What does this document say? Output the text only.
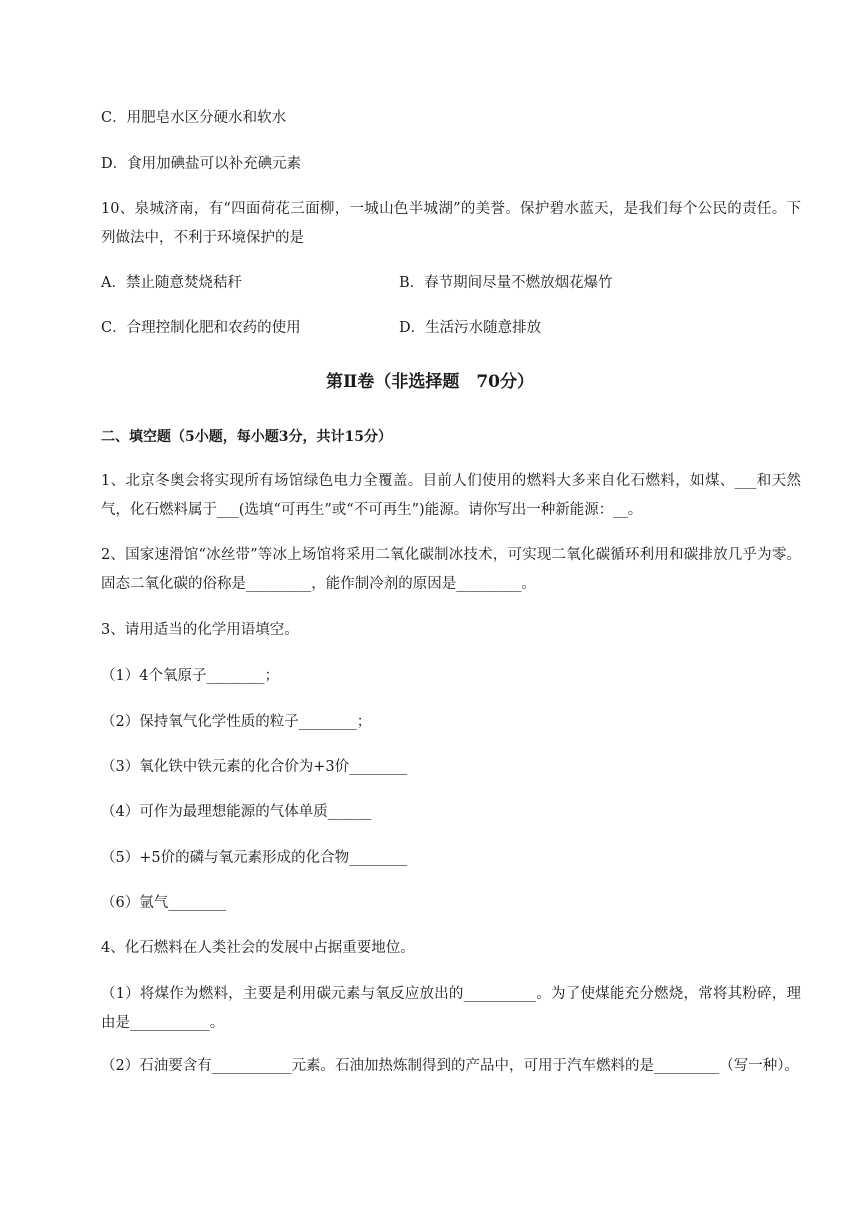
C．用肥皂水区分硬水和软水
D．食用加碘盐可以补充碘元素
10、泉城济南，有“四面荷花三面柳，一城山色半城湖”的美誉。保护碧水蓝天，是我们每个公民的责任。下列做法中，不利于环境保护的是
A．禁止随意焚烧秸秆	B．春节期间尽量不燃放烟花爆竹
C．合理控制化肥和农药的使用	D．生活污水随意排放
第Ⅱ卷（非选择题　70分）
二、填空题（5小题，每小题3分，共计15分）
1、北京冬奥会将实现所有场馆绿色电力全覆盖。目前人们使用的燃料大多来自化石燃料，如煤、___和天然气，化石燃料属于___(选填“可再生”或“不可再生”)能源。请你写出一种新能源：__。
2、国家速滑馆“冰丝带”等冰上场馆将采用二氧化碳制冰技术，可实现二氧化碳循环利用和碳排放几乎为零。固态二氧化碳的俗称是_________，能作制冷剂的原因是_________。
3、请用适当的化学用语填空。
（1）4个氧原子________；
（2）保持氧气化学性质的粒子________；
（3）氧化铁中铁元素的化合价为+3价________
（4）可作为最理想能源的气体单质______
（5）+5价的磷与氧元素形成的化合物________
（6）氩气________
4、化石燃料在人类社会的发展中占据重要地位。
（1）将煤作为燃料，主要是利用碳元素与氧反应放出的__________。为了使煤能充分燃烧，常将其粉碎，理由是___________。
（2）石油要含有___________元素。石油加热炼制得到的产品中，可用于汽车燃料的是_________（写一种）。
